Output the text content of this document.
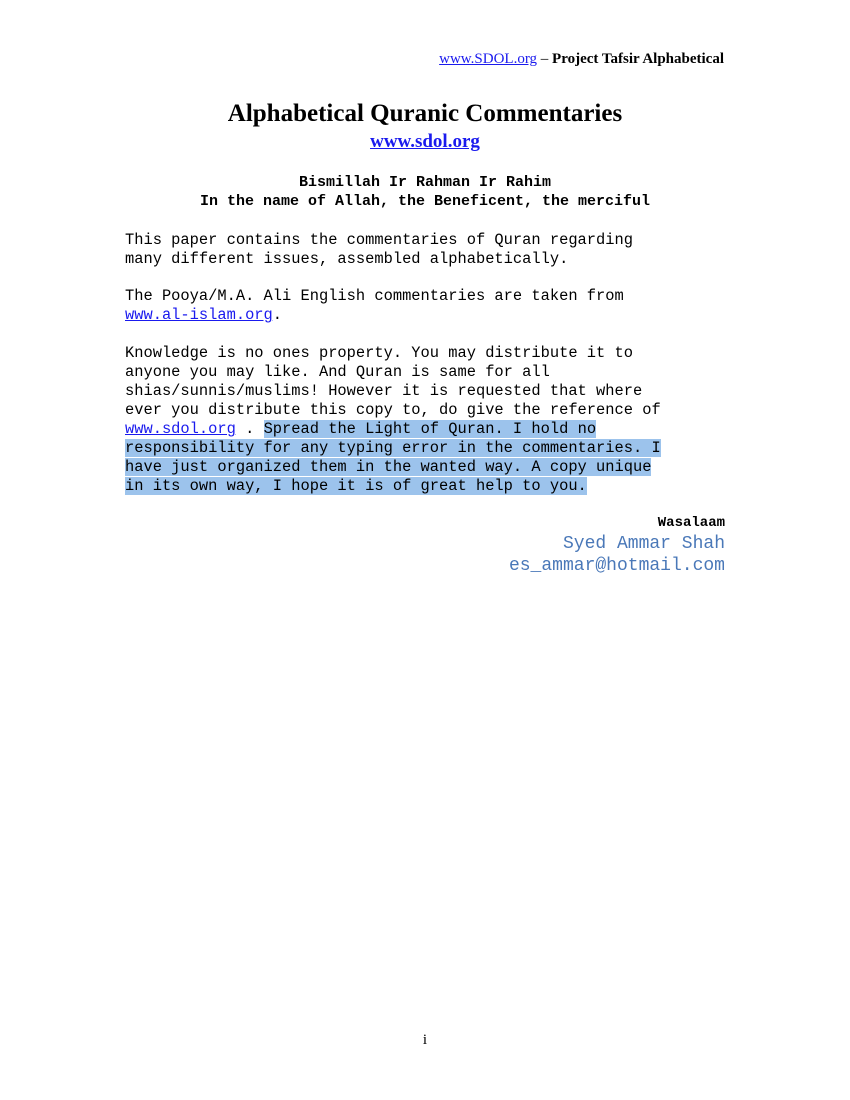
www.SDOL.org – Project Tafsir Alphabetical
Alphabetical Quranic Commentaries
www.sdol.org
Bismillah Ir Rahman Ir Rahim
In the name of Allah, the Beneficent, the merciful
This paper contains the commentaries of Quran regarding
many different issues, assembled alphabetically.
The Pooya/M.A. Ali English commentaries are taken from
www.al-islam.org.
Knowledge is no ones property. You may distribute it to
anyone you may like. And Quran is same for all
shias/sunnis/muslims! However it is requested that where
ever you distribute this copy to, do give the reference of
www.sdol.org . Spread the Light of Quran. I hold no
responsibility for any typing error in the commentaries. I
have just organized them in the wanted way. A copy unique
in its own way, I hope it is of great help to you.
Wasalaam
Syed Ammar Shah
es_ammar@hotmail.com
i
